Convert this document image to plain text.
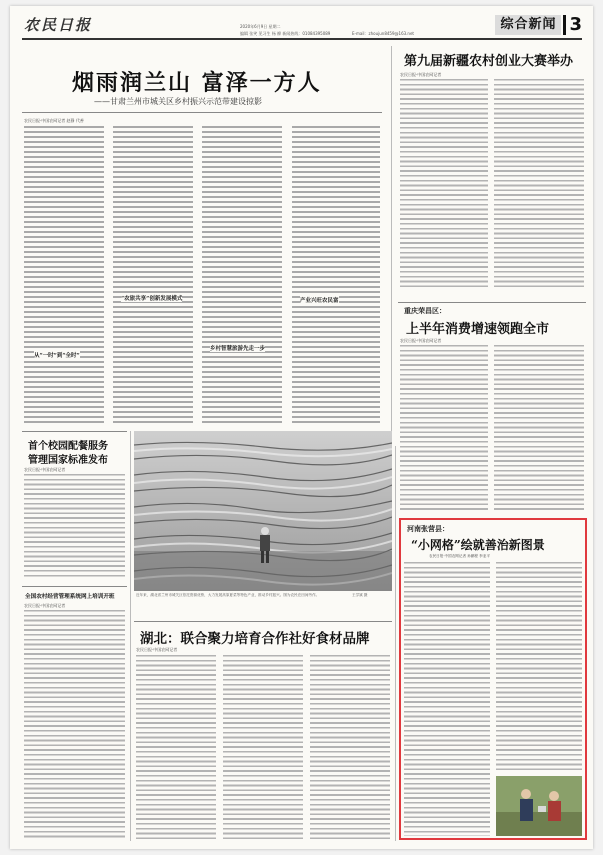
农民日报	2020年6月9日 星期二
编辑 张笑 见习生 杨 柳 新闻热线：01084395089	E-mail：zhoujun8459@163.net
综合新闻 3
烟雨润兰山 富泽一方人
——甘肃兰州市城关区乡村振兴示范带建设掠影
农民日报·中国农网记者 赵静 代善
从“一时”到“全时”
“农旅共享”创新发展模式
乡村智慧旅游先走一步
产业兴旺农民富
第九届新疆农村创业大赛举办
农民日报·中国农网记者
重庆荣昌区：
上半年消费增速领跑全市
农民日报·中国农网记者
首个校园配餐服务
管理国家标准发布
农民日报·中国农网记者
全国农村经营管理系统网上培训开班
农民日报·中国农网记者
近年来，湖北省兰州市城关区依托资源优势，大力发展高原夏菜等特色产业，推动乡村振兴。图为农民在田间劳作。	王学斌 摄
湖北：联合聚力培育合作社好食材品牌
农民日报·中国农网记者
河南张营县：
“小网格”绘就善治新图景
农民日报·中国农网记者 孙鹏程 李亚平
